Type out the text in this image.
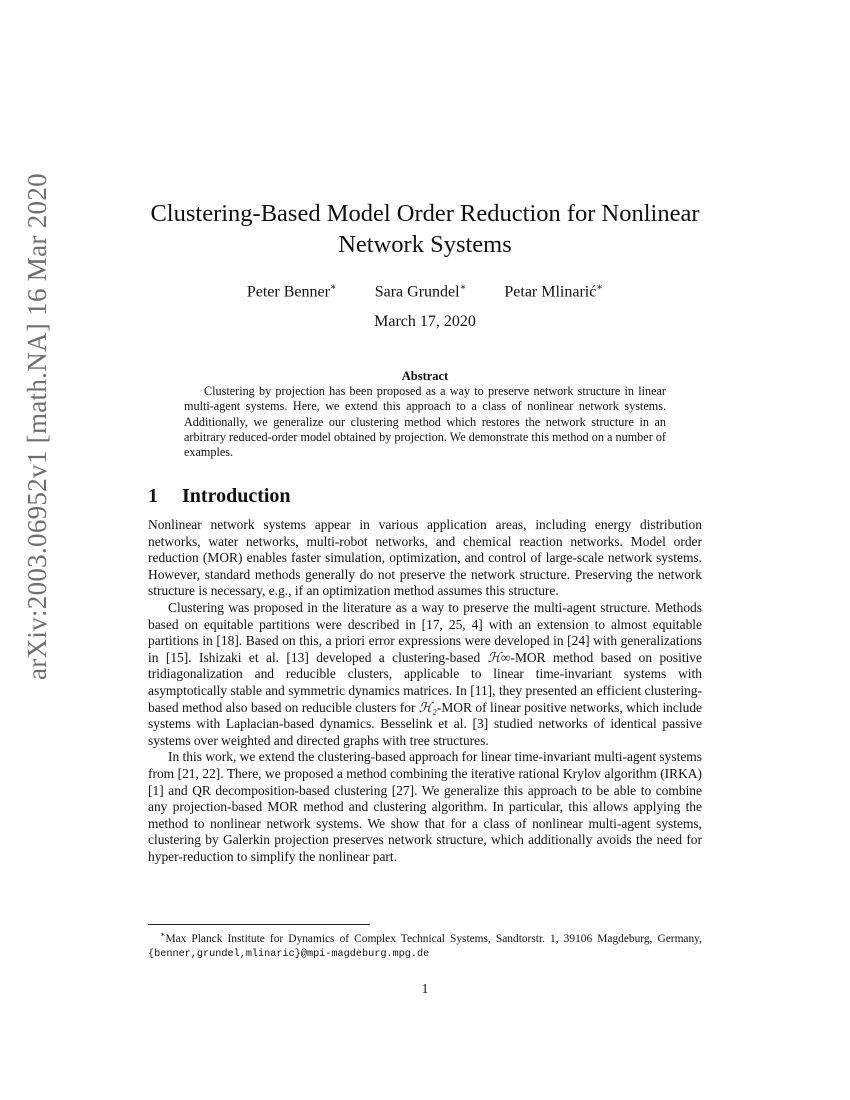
arXiv:2003.06952v1 [math.NA] 16 Mar 2020	Clustering-Based Model Order Reduction for Nonlinear Network Systems
Peter Benner∗ Sara Grundel∗ Petar Mlinarić∗
March 17, 2020
Abstract

Clustering by projection has been proposed as a way to preserve network structure in linear multi-agent systems. Here, we extend this approach to a class of nonlinear network systems. Additionally, we generalize our clustering method which restores the network structure in an arbitrary reduced-order model obtained by projection. We demonstrate this method on a number of examples.

1 Introduction

Nonlinear network systems appear in various application areas, including energy distribution networks, water networks, multi-robot networks, and chemical reaction networks. Model order reduction (MOR) enables faster simulation, optimization, and control of large-scale network systems. However, standard methods generally do not preserve the network structure. Preserving the network structure is necessary, e.g., if an optimization method assumes this structure.

Clustering was proposed in the literature as a way to preserve the multi-agent structure. Methods based on equitable partitions were described in [17, 25, 4] with an extension to almost equitable partitions in [18]. Based on this, a priori error expressions were developed in [24] with generalizations in [15]. Ishizaki et al. [13] developed a clustering-based ℋ∞-MOR method based on positive tridiagonalization and reducible clusters, applicable to linear time-invariant systems with asymptotically stable and symmetric dynamics matrices. In [11], they presented an efficient clustering-based method also based on reducible clusters for ℋ₂-MOR of linear positive networks, which include systems with Laplacian-based dynamics. Besselink et al. [3] studied networks of identical passive systems over weighted and directed graphs with tree structures.

In this work, we extend the clustering-based approach for linear time-invariant multi-agent systems from [21, 22]. There, we proposed a method combining the iterative rational Krylov algorithm (IRKA) [1] and QR decomposition-based clustering [27]. We generalize this approach to be able to combine any projection-based MOR method and clustering algorithm. In particular, this allows applying the method to nonlinear network systems. We show that for a class of nonlinear multi-agent systems, clustering by Galerkin projection preserves network structure, which additionally avoids the need for hyper-reduction to simplify the nonlinear part.

∗Max Planck Institute for Dynamics of Complex Technical Systems, Sandtorstr. 1, 39106 Magdeburg, Germany, {benner,grundel,mlinaric}@mpi-magdeburg.mpg.de

1
